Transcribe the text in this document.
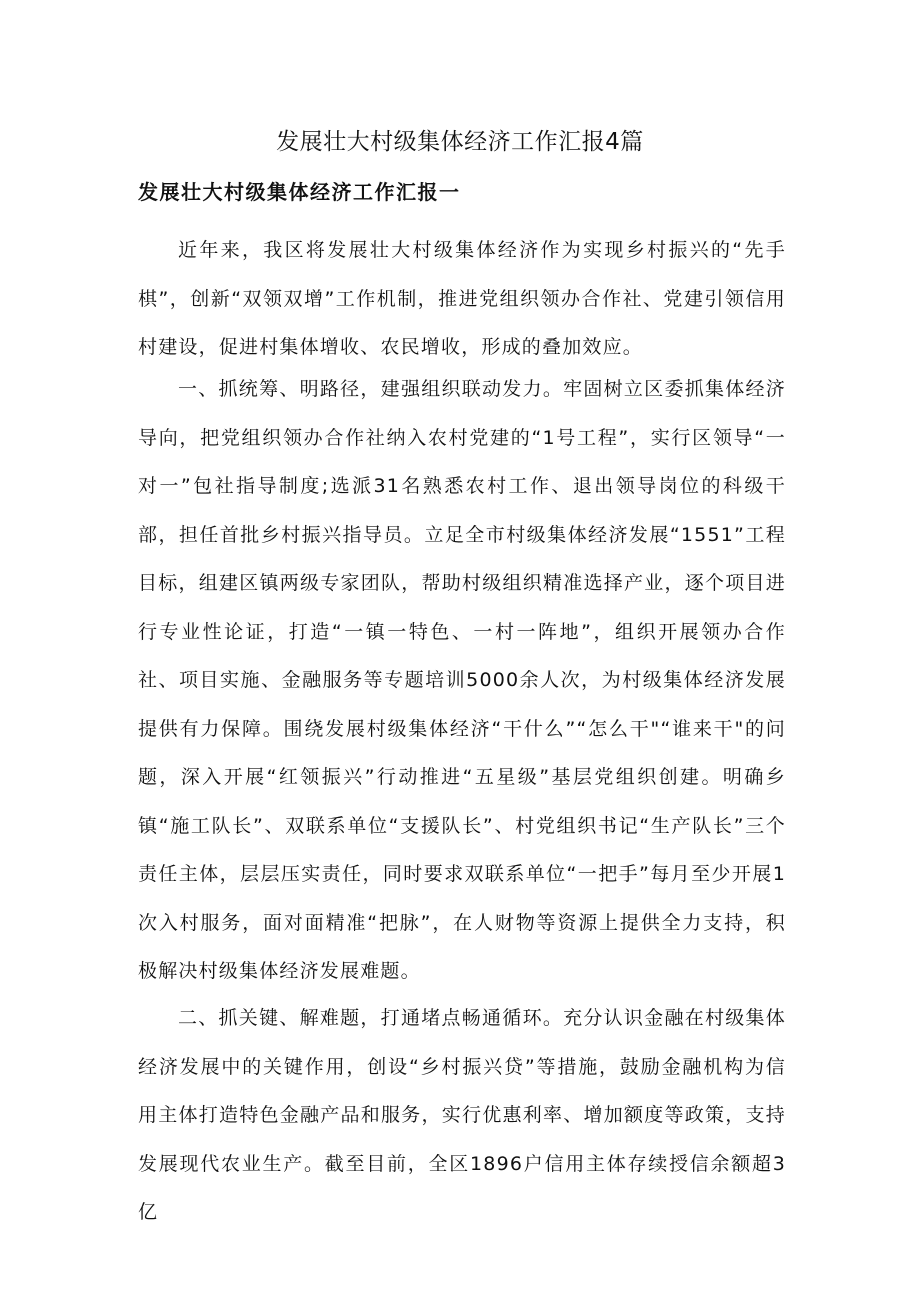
发展壮大村级集体经济工作汇报4篇
发展壮大村级集体经济工作汇报一

近年来，我区将发展壮大村级集体经济作为实现乡村振兴的“先手棋”，创新“双领双增”工作机制，推进党组织领办合作社、党建引领信用村建设，促进村集体增收、农民增收，形成的叠加效应。

一、抓统筹、明路径，建强组织联动发力。牢固树立区委抓集体经济导向，把党组织领办合作社纳入农村党建的“1号工程”，实行区领导“一对一”包社指导制度;选派31名熟悉农村工作、退出领导岗位的科级干部，担任首批乡村振兴指导员。立足全市村级集体经济发展“1551”工程目标，组建区镇两级专家团队，帮助村级组织精准选择产业，逐个项目进行专业性论证，打造“一镇一特色、一村一阵地”，组织开展领办合作社、项目实施、金融服务等专题培训5000余人次，为村级集体经济发展提供有力保障。围绕发展村级集体经济“干什么”“怎么干"“谁来干"的问题，深入开展“红领振兴”行动推进“五星级”基层党组织创建。明确乡镇“施工队长”、双联系单位“支援队长”、村党组织书记“生产队长”三个责任主体，层层压实责任，同时要求双联系单位“一把手”每月至少开展1次入村服务，面对面精准“把脉”，在人财物等资源上提供全力支持，积极解决村级集体经济发展难题。

二、抓关键、解难题，打通堵点畅通循环。充分认识金融在村级集体经济发展中的关键作用，创设“乡村振兴贷”等措施，鼓励金融机构为信用主体打造特色金融产品和服务，实行优惠利率、增加额度等政策，支持发展现代农业生产。截至目前，全区1896户信用主体存续授信余额超3亿
